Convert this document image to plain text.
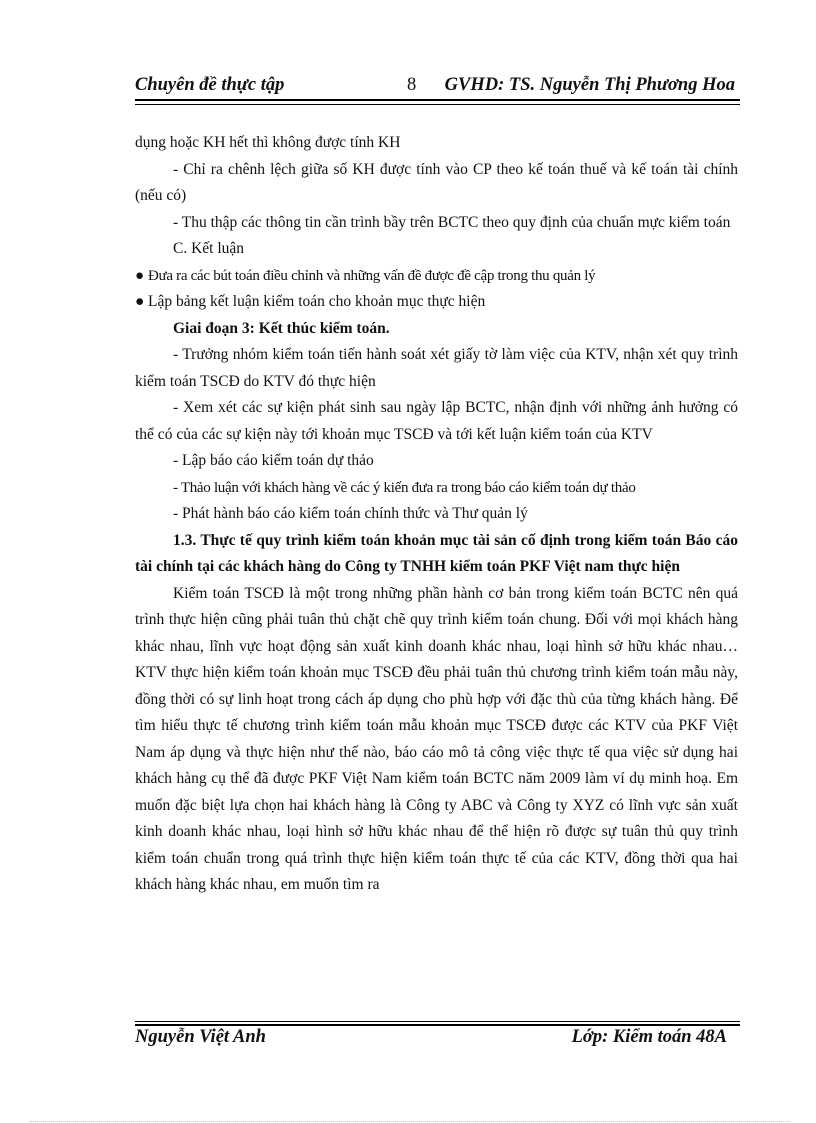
Chuyên đề thực tập	8 GVHD: TS. Nguyễn Thị Phương Hoa

dụng hoặc KH hết thì không được tính KH

- Chỉ ra chênh lệch giữa số KH được tính vào CP theo kế toán thuế và kế toán tài chính (nếu có)

- Thu thập các thông tin cần trình bầy trên BCTC theo quy định của chuẩn mực kiểm toán

C. Kết luận

● Đưa ra các bút toán điều chỉnh và những vấn đề được đề cập trong thu quản lý

● Lập bảng kết luận kiểm toán cho khoản mục thực hiện

Giai đoạn 3: Kết thúc kiểm toán.

- Trưởng nhóm kiểm toán tiến hành soát xét giấy tờ làm việc của KTV, nhận xét quy trình kiểm toán TSCĐ do KTV đó thực hiện

- Xem xét các sự kiện phát sinh sau ngày lập BCTC, nhận định với những ảnh hưởng có thể có của các sự kiện này tới khoản mục TSCĐ và tới kết luận kiểm toán của KTV

- Lập báo cáo kiểm toán dự thảo

- Thảo luận với khách hàng về các ý kiến đưa ra trong báo cáo kiểm toán dự thảo

- Phát hành báo cáo kiểm toán chính thức và Thư quản lý

1.3. Thực tế quy trình kiểm toán khoản mục tài sản cố định trong kiểm toán Báo cáo tài chính tại các khách hàng do Công ty TNHH kiểm toán PKF Việt nam thực hiện

Kiểm toán TSCĐ là một trong những phần hành cơ bản trong kiểm toán BCTC nên quá trình thực hiện cũng phải tuân thủ chặt chẽ quy trình kiểm toán chung. Đối với mọi khách hàng khác nhau, lĩnh vực hoạt động sản xuất kinh doanh khác nhau, loại hình sở hữu khác nhau… KTV thực hiện kiểm toán khoản mục TSCĐ đều phải tuân thủ chương trình kiểm toán mẫu này, đồng thời có sự linh hoạt trong cách áp dụng cho phù hợp với đặc thù của từng khách hàng. Để tìm hiểu thực tế chương trình kiểm toán mẫu khoản mục TSCĐ được các KTV của PKF Việt Nam áp dụng và thực hiện như thế nào, báo cáo mô tả công việc thực tế qua việc sử dụng hai khách hàng cụ thể đã được PKF Việt Nam kiểm toán BCTC năm 2009 làm ví dụ minh hoạ. Em muốn đặc biệt lựa chọn hai khách hàng là Công ty ABC và Công ty XYZ có lĩnh vực sản xuất kinh doanh khác nhau, loại hình sở hữu khác nhau để thể hiện rõ được sự tuân thủ quy trình kiểm toán chuẩn trong quá trình thực hiện kiểm toán thực tế của các KTV, đồng thời qua hai khách hàng khác nhau, em muốn tìm ra

Nguyễn Việt Anh	Lớp: Kiểm toán 48A
